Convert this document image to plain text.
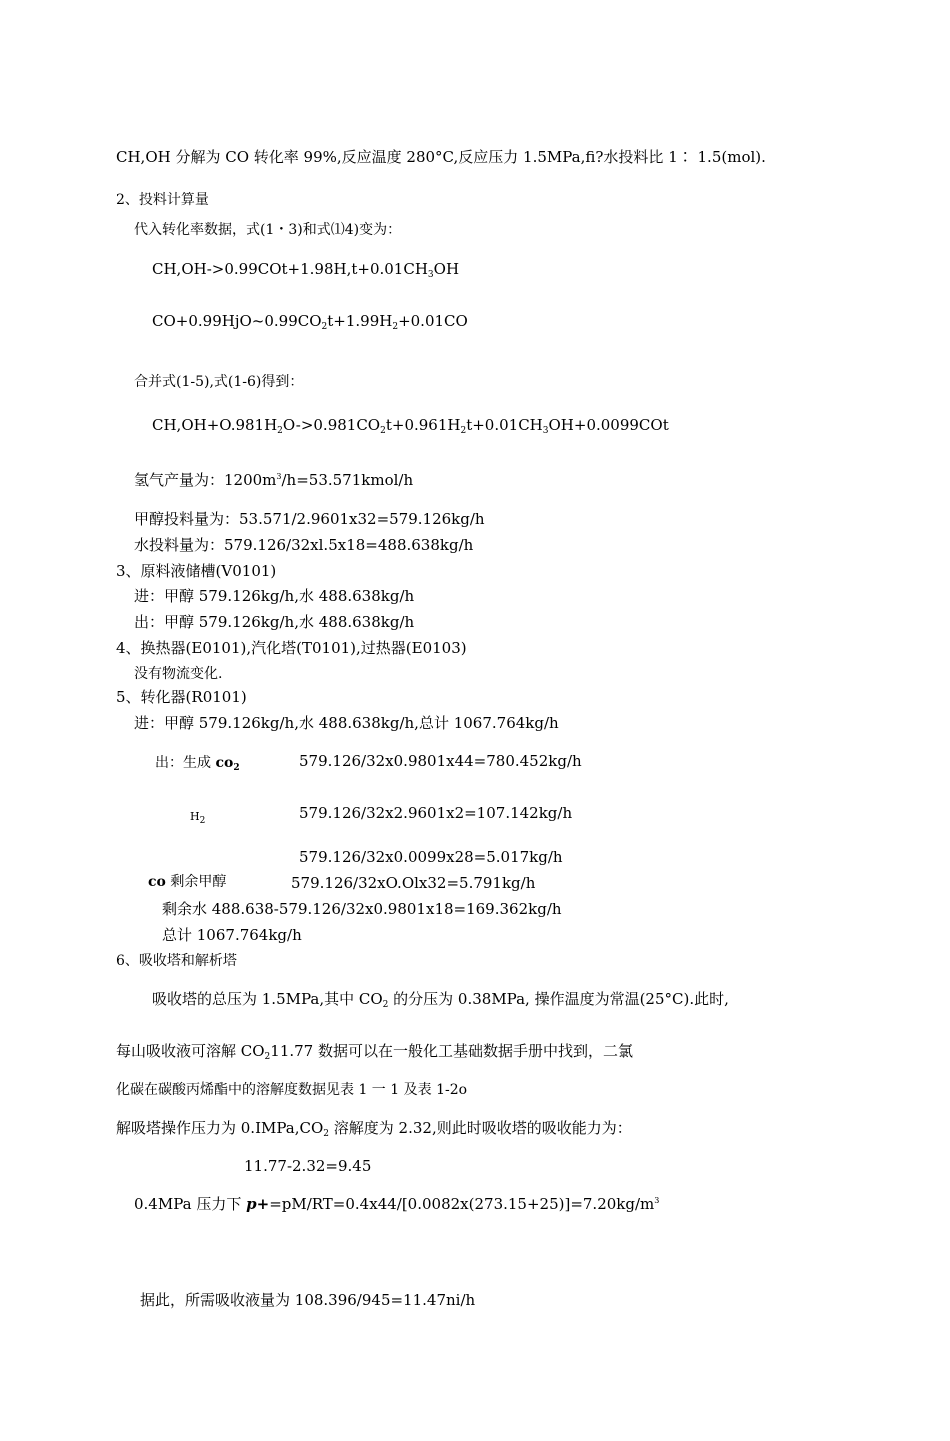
CH,OH 分解为 CO 转化率 99%,反应温度 280°C,反应压力 1.5MPa,fi?水投料比 1∶ 1.5(mol).
2、投料计算量
代入转化率数据，式(1・3)和式⑴4)变为：
$CH,OH->0.99COt+1.98H,t+0.01CH_3OH$
$CO+0.99HjO\sim 0.99CO_2t+1.99H_2+0.01CO$
合并式(1-5),式(1-6)得到：
$CH,OH+O.981H_2O->0.981CO_2t+0.961H_2t+0.01CH_3OH+0.0099COt$
氢气产量为：$1200m^3/h=53.571kmol/h$
甲醇投料量为：53.571/2.9601x32=579.126kg/h
水投料量为：579.126/32xl.5x18=488.638kg/h
3、原料液储槽(V0101)
进：甲醇 579.126kg/h,水 488.638kg/h
出：甲醇 579.126kg/h,水 488.638kg/h
4、换热器(E0101),汽化塔(T0101),过热器(E0103)
没有物流变化.
5、转化器(R0101)
进：甲醇 579.126kg/h,水 488.638kg/h,总计 1067.764kg/h
出：生成 $co_2$	579.126/32x0.9801x44=780.452kg/h
$H_2$	579.126/32x2.9601x2=107.142kg/h
579.126/32x0.0099x28=5.017kg/h
co 剩余甲醇	579.126/32xO.Olx32=5.791kg/h
剩余水 488.638-579.126/32x0.9801x18=169.362kg/h
总计 1067.764kg/h
6、吸收塔和解析塔
吸收塔的总压为 1.5MPa,其中 $CO_2$ 的分压为 0.38MPa, 操作温度为常温(25°C).此时,
每山吸收液可溶解 $CO_211.77$ 数据可以在一般化工基础数据手册中找到，二氯
化碳在碳酸丙烯酯中的溶解度数据见表 1 一 1 及表 1-2o
解吸塔操作压力为 $0.IMPa,CO_2$ 溶解度为 2.32,则此时吸收塔的吸收能力为：
11.77-2.32=9.45
0.4MPa 压力下 $p+=pM/RT=0.4x44/[0.0082x(273.15+25)]=7.20kg/m^3$
据此，所需吸收液量为 108.396/945=11.47ni/h
